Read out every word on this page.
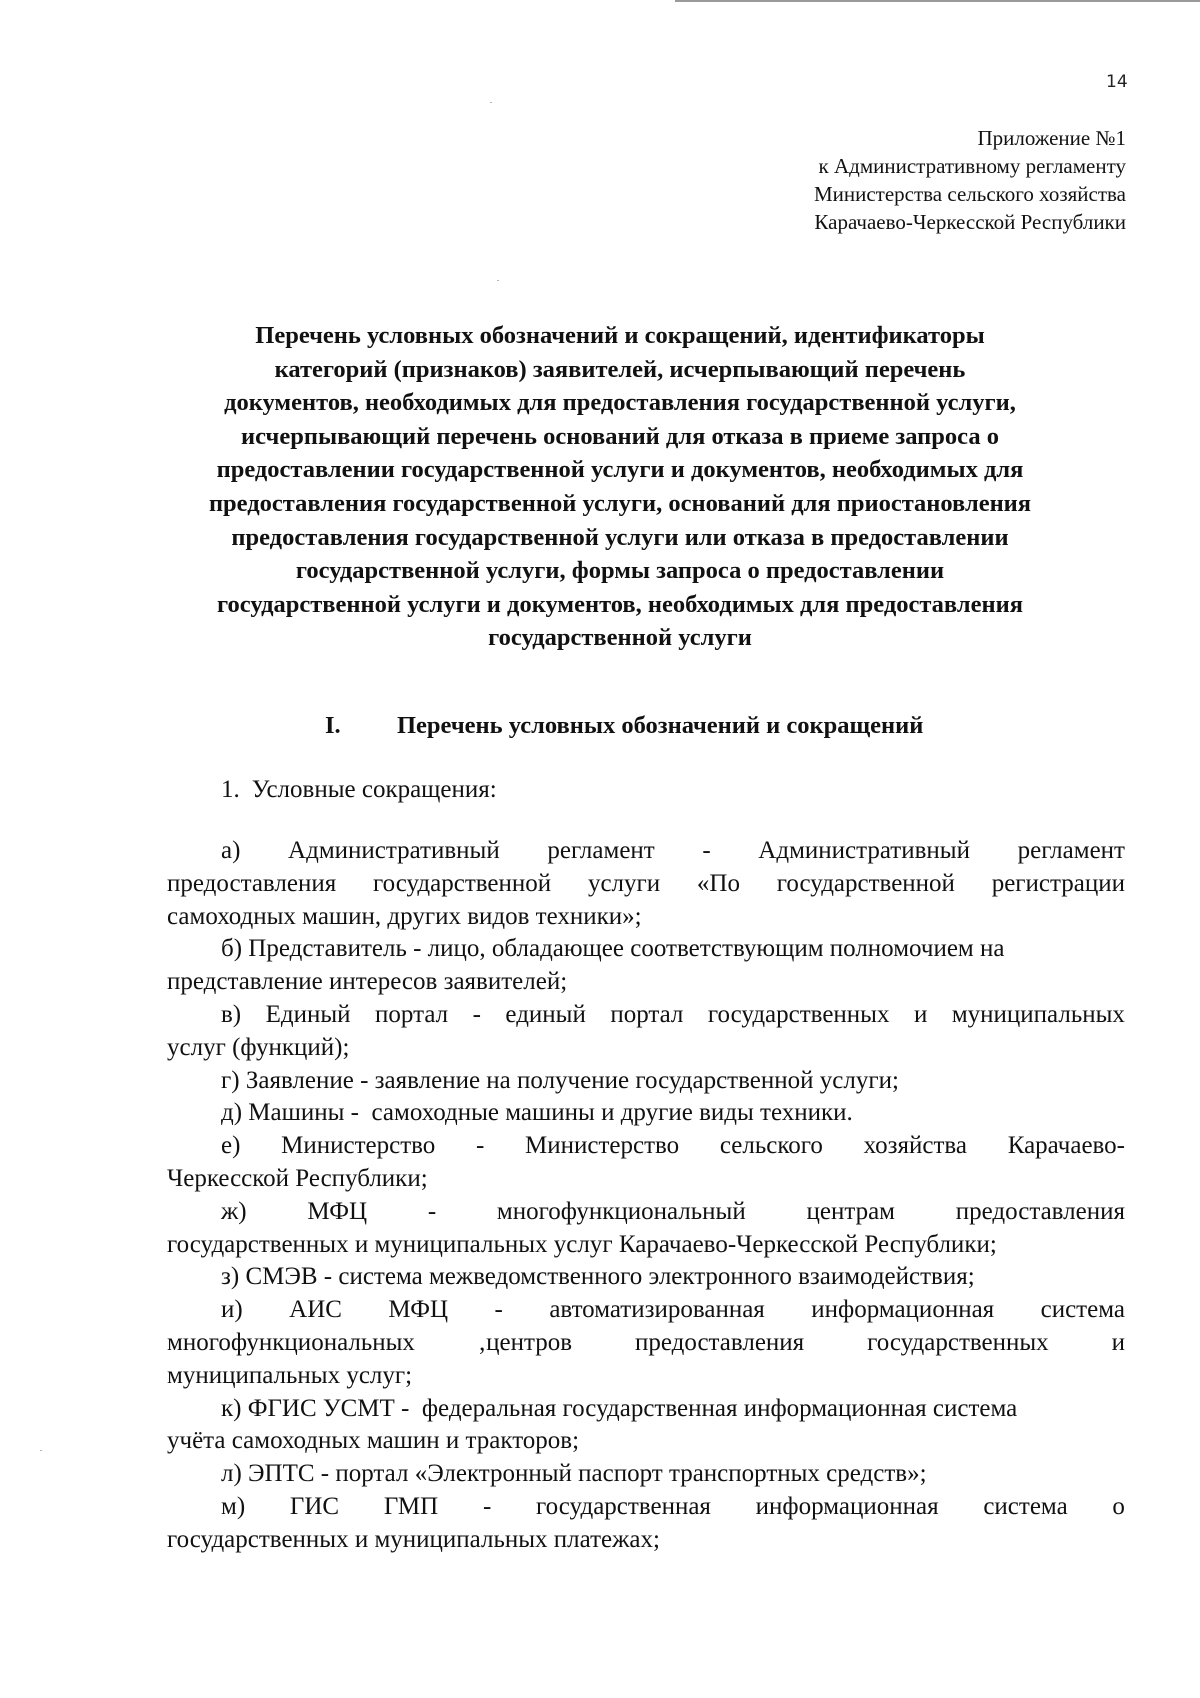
14
Приложение №1
к Административному регламенту
Министерства сельского хозяйства
Карачаево-Черкесской Республики
Перечень условных обозначений и сокращений, идентификаторы
категорий (признаков) заявителей, исчерпывающий перечень
документов, необходимых для предоставления государственной услуги,
исчерпывающий перечень оснований для отказа в приеме запроса о
предоставлении государственной услуги и документов, необходимых для
предоставления государственной услуги, оснований для приостановления
предоставления государственной услуги или отказа в предоставлении
государственной услуги, формы запроса о предоставлении
государственной услуги и документов, необходимых для предоставления
государственной услуги
I. Перечень условных обозначений и сокращений
1. Условные сокращения:
а) Административный регламент - Административный регламент
предоставления государственной услуги «По государственной регистрации
самоходных машин, других видов техники»;
б) Представитель - лицо, обладающее соответствующим полномочием на
представление интересов заявителей;
в) Единый портал - единый портал государственных и муниципальных
услуг (функций);
г) Заявление - заявление на получение государственной услуги;
д) Машины -  самоходные машины и другие виды техники.
е) Министерство - Министерство сельского хозяйства Карачаево-
Черкесской Республики;
ж) МФЦ - многофункциональный центрам предоставления
государственных и муниципальных услуг Карачаево-Черкесской Республики;
з) СМЭВ - система межведомственного электронного взаимодействия;
и) АИС МФЦ - автоматизированная информационная система
многофункциональных	‚центров	предоставления	государственных	и
муниципальных услуг;
к) ФГИС УСМТ -  федеральная государственная информационная система
учёта самоходных машин и тракторов;
л) ЭПТС - портал «Электронный паспорт транспортных средств»;
м) ГИС ГМП - государственная информационная система о
государственных и муниципальных платежах;
